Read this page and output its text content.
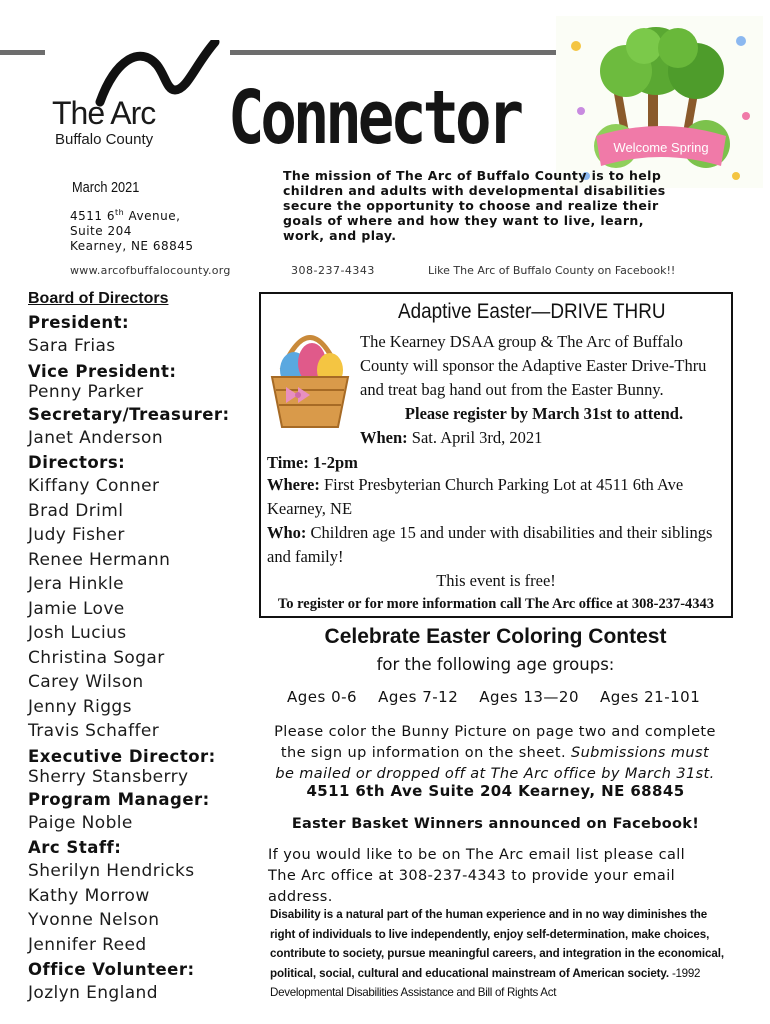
The Arc
Buffalo County Connector	Welcome Spring
March 2021
4511 6th Avenue,
Suite 204
Kearney, NE 68845
www.arcofbuffalocounty.org
The mission of The Arc of Buffalo County is to help children and adults with developmental disabilities secure the opportunity to choose and realize their goals of where and how they want to live, learn, work, and play.
308-237-4343	Like The Arc of Buffalo County on Facebook!!
Board of Directors
President:
Sara Frias
Vice President:
Penny Parker
Secretary/Treasurer:
Janet Anderson
Directors:
Kiffany Conner
Brad Driml
Judy Fisher
Renee Hermann
Jera Hinkle
Jamie Love
Josh Lucius
Christina Sogar
Carey Wilson
Jenny Riggs
Travis Schaffer
Executive Director:
Sherry Stansberry
Program Manager:
Paige Noble
Arc Staff:
Sherilyn Hendricks
Kathy Morrow
Yvonne Nelson
Jennifer Reed
Office Volunteer:
Jozlyn England
Adaptive Easter—DRIVE THRU
The Kearney DSAA group & The Arc of Buffalo County will sponsor the Adaptive Easter Drive-Thru and treat bag hand out from the Easter Bunny.
Please register by March 31st to attend.
When: Sat. April 3rd, 2021
Time: 1-2pm
Where: First Presbyterian Church Parking Lot at 4511 6th Ave Kearney, NE
Who: Children age 15 and under with disabilities and their siblings and family!
This event is free!
To register or for more information call The Arc office at 308-237-4343
Celebrate Easter Coloring Contest
for the following age groups:
Ages 0-6 Ages 7-12 Ages 13—20 Ages 21-101
Please color the Bunny Picture on page two and complete the sign up information on the sheet. Submissions must be mailed or dropped off at The Arc office by March 31st.
4511 6th Ave Suite 204 Kearney, NE 68845
Easter Basket Winners announced on Facebook!
If you would like to be on The Arc email list please call The Arc office at 308-237-4343 to provide your email address.
Disability is a natural part of the human experience and in no way diminishes the right of individuals to live independently, enjoy self-determination, make choices, contribute to society, pursue meaningful careers, and integration in the economical, political, social, cultural and educational mainstream of American society. -1992 Developmental Disabilities Assistance and Bill of Rights Act
